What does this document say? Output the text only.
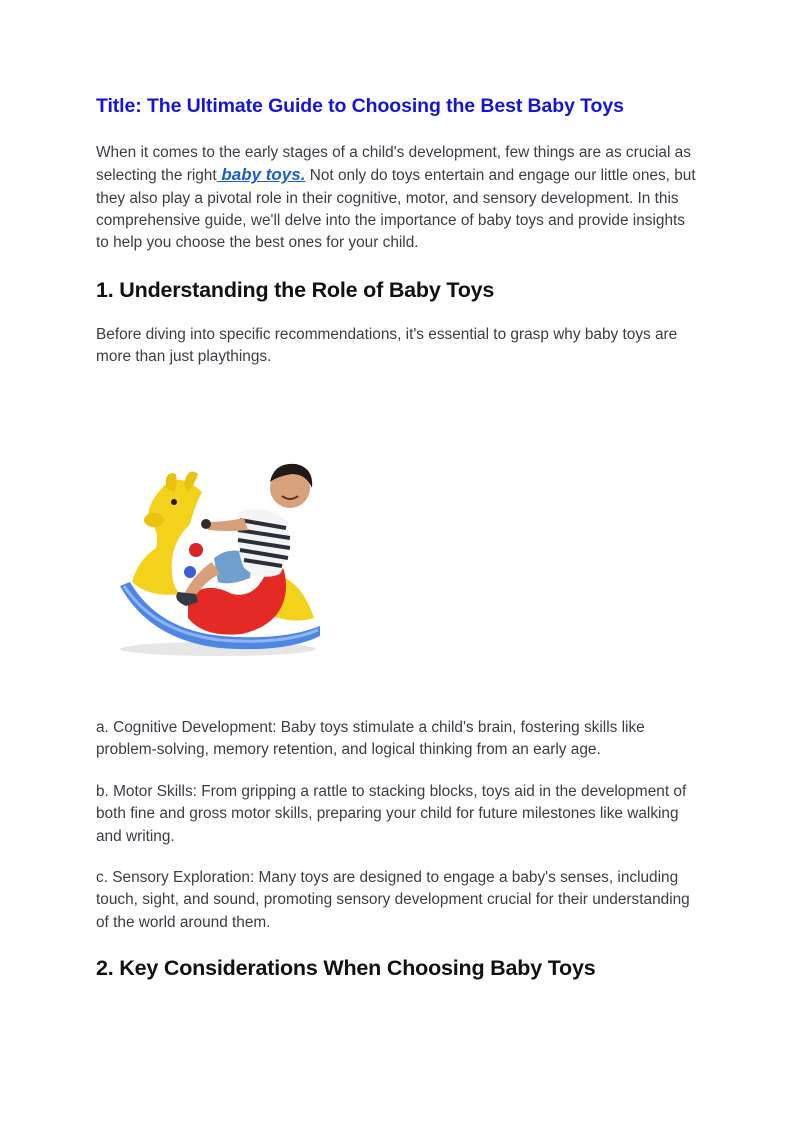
Title: The Ultimate Guide to Choosing the Best Baby Toys

When it comes to the early stages of a child's development, few things are as crucial as selecting the right baby toys. Not only do toys entertain and engage our little ones, but they also play a pivotal role in their cognitive, motor, and sensory development. In this comprehensive guide, we'll delve into the importance of baby toys and provide insights to help you choose the best ones for your child.

1. Understanding the Role of Baby Toys

Before diving into specific recommendations, it's essential to grasp why baby toys are more than just playthings.

a. Cognitive Development: Baby toys stimulate a child's brain, fostering skills like problem-solving, memory retention, and logical thinking from an early age.

b. Motor Skills: From gripping a rattle to stacking blocks, toys aid in the development of both fine and gross motor skills, preparing your child for future milestones like walking and writing.

c. Sensory Exploration: Many toys are designed to engage a baby's senses, including touch, sight, and sound, promoting sensory development crucial for their understanding of the world around them.

2. Key Considerations When Choosing Baby Toys
